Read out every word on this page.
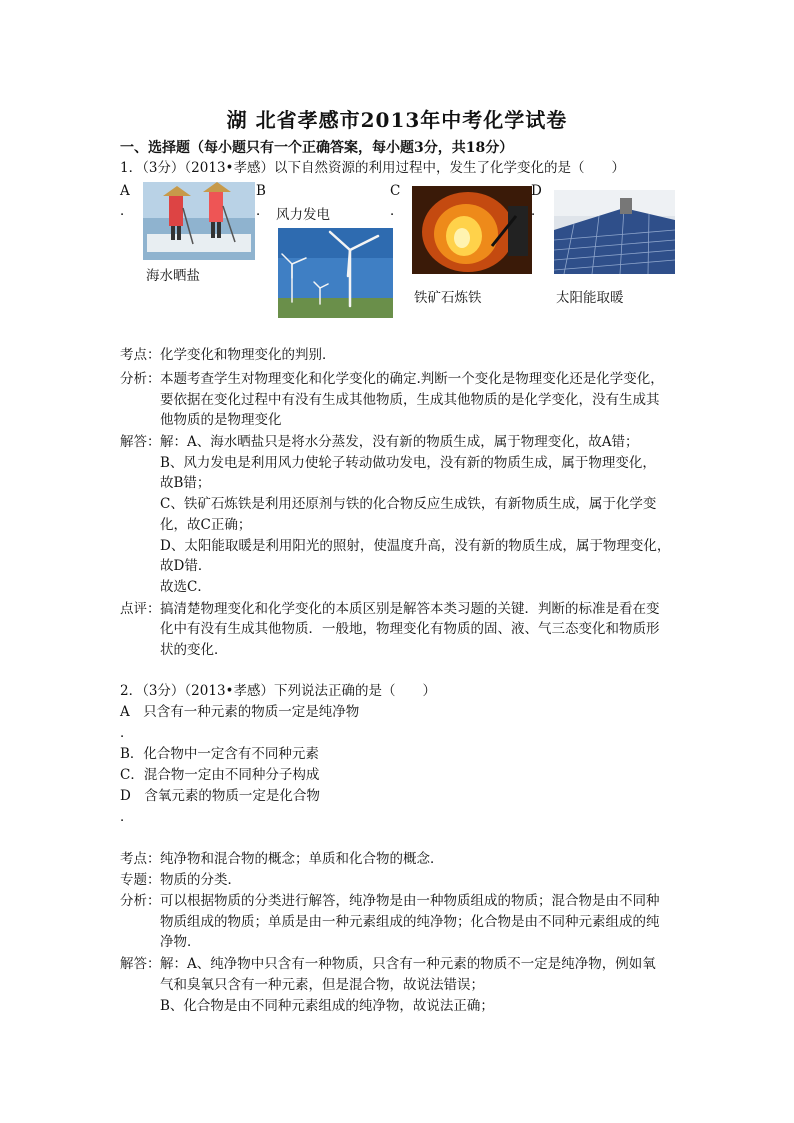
湖 北省孝感市2013年中考化学试卷
一、选择题（每小题只有一个正确答案，每小题3分，共18分）
1．（3分）（2013•孝感）以下自然资源的利用过程中，发生了化学变化的是（　　）
A
．
海水晒盐
B
． 风力发电
C
．
铁矿石炼铁
D
．
太阳能取暖
考点： 化学变化和物理变化的判别．
分析： 本题考查学生对物理变化和化学变化的确定.判断一个变化是物理变化还是化学变化，
要依据在变化过程中有没有生成其他物质，生成其他物质的是化学变化，没有生成其
他物质的是物理变化
解答： 解：A、海水晒盐只是将水分蒸发，没有新的物质生成，属于物理变化，故A错；
B、风力发电是利用风力使轮子转动做功发电，没有新的物质生成，属于物理变化，
故B错；
C、铁矿石炼铁是利用还原剂与铁的化合物反应生成铁，有新物质生成，属于化学变
化，故C正确；
D、太阳能取暖是利用阳光的照射，使温度升高，没有新的物质生成，属于物理变化，
故D错．
故选C．
点评： 搞清楚物理变化和化学变化的本质区别是解答本类习题的关键．判断的标准是看在变
化中有没有生成其他物质．一般地，物理变化有物质的固、液、气三态变化和物质形
状的变化．
2．（3分）（2013•孝感）下列说法正确的是（　　）
A　只含有一种元素的物质一定是纯净物
．
B．化合物中一定含有不同种元素
C．混合物一定由不同种分子构成
D　含氧元素的物质一定是化合物
．
考点： 纯净物和混合物的概念；单质和化合物的概念．
专题： 物质的分类．
分析： 可以根据物质的分类进行解答，纯净物是由一种物质组成的物质；混合物是由不同种
物质组成的物质；单质是由一种元素组成的纯净物；化合物是由不同种元素组成的纯
净物．
解答： 解：A、纯净物中只含有一种物质，只含有一种元素的物质不一定是纯净物，例如氧
气和臭氧只含有一种元素，但是混合物，故说法错误；
B、化合物是由不同种元素组成的纯净物，故说法正确；
